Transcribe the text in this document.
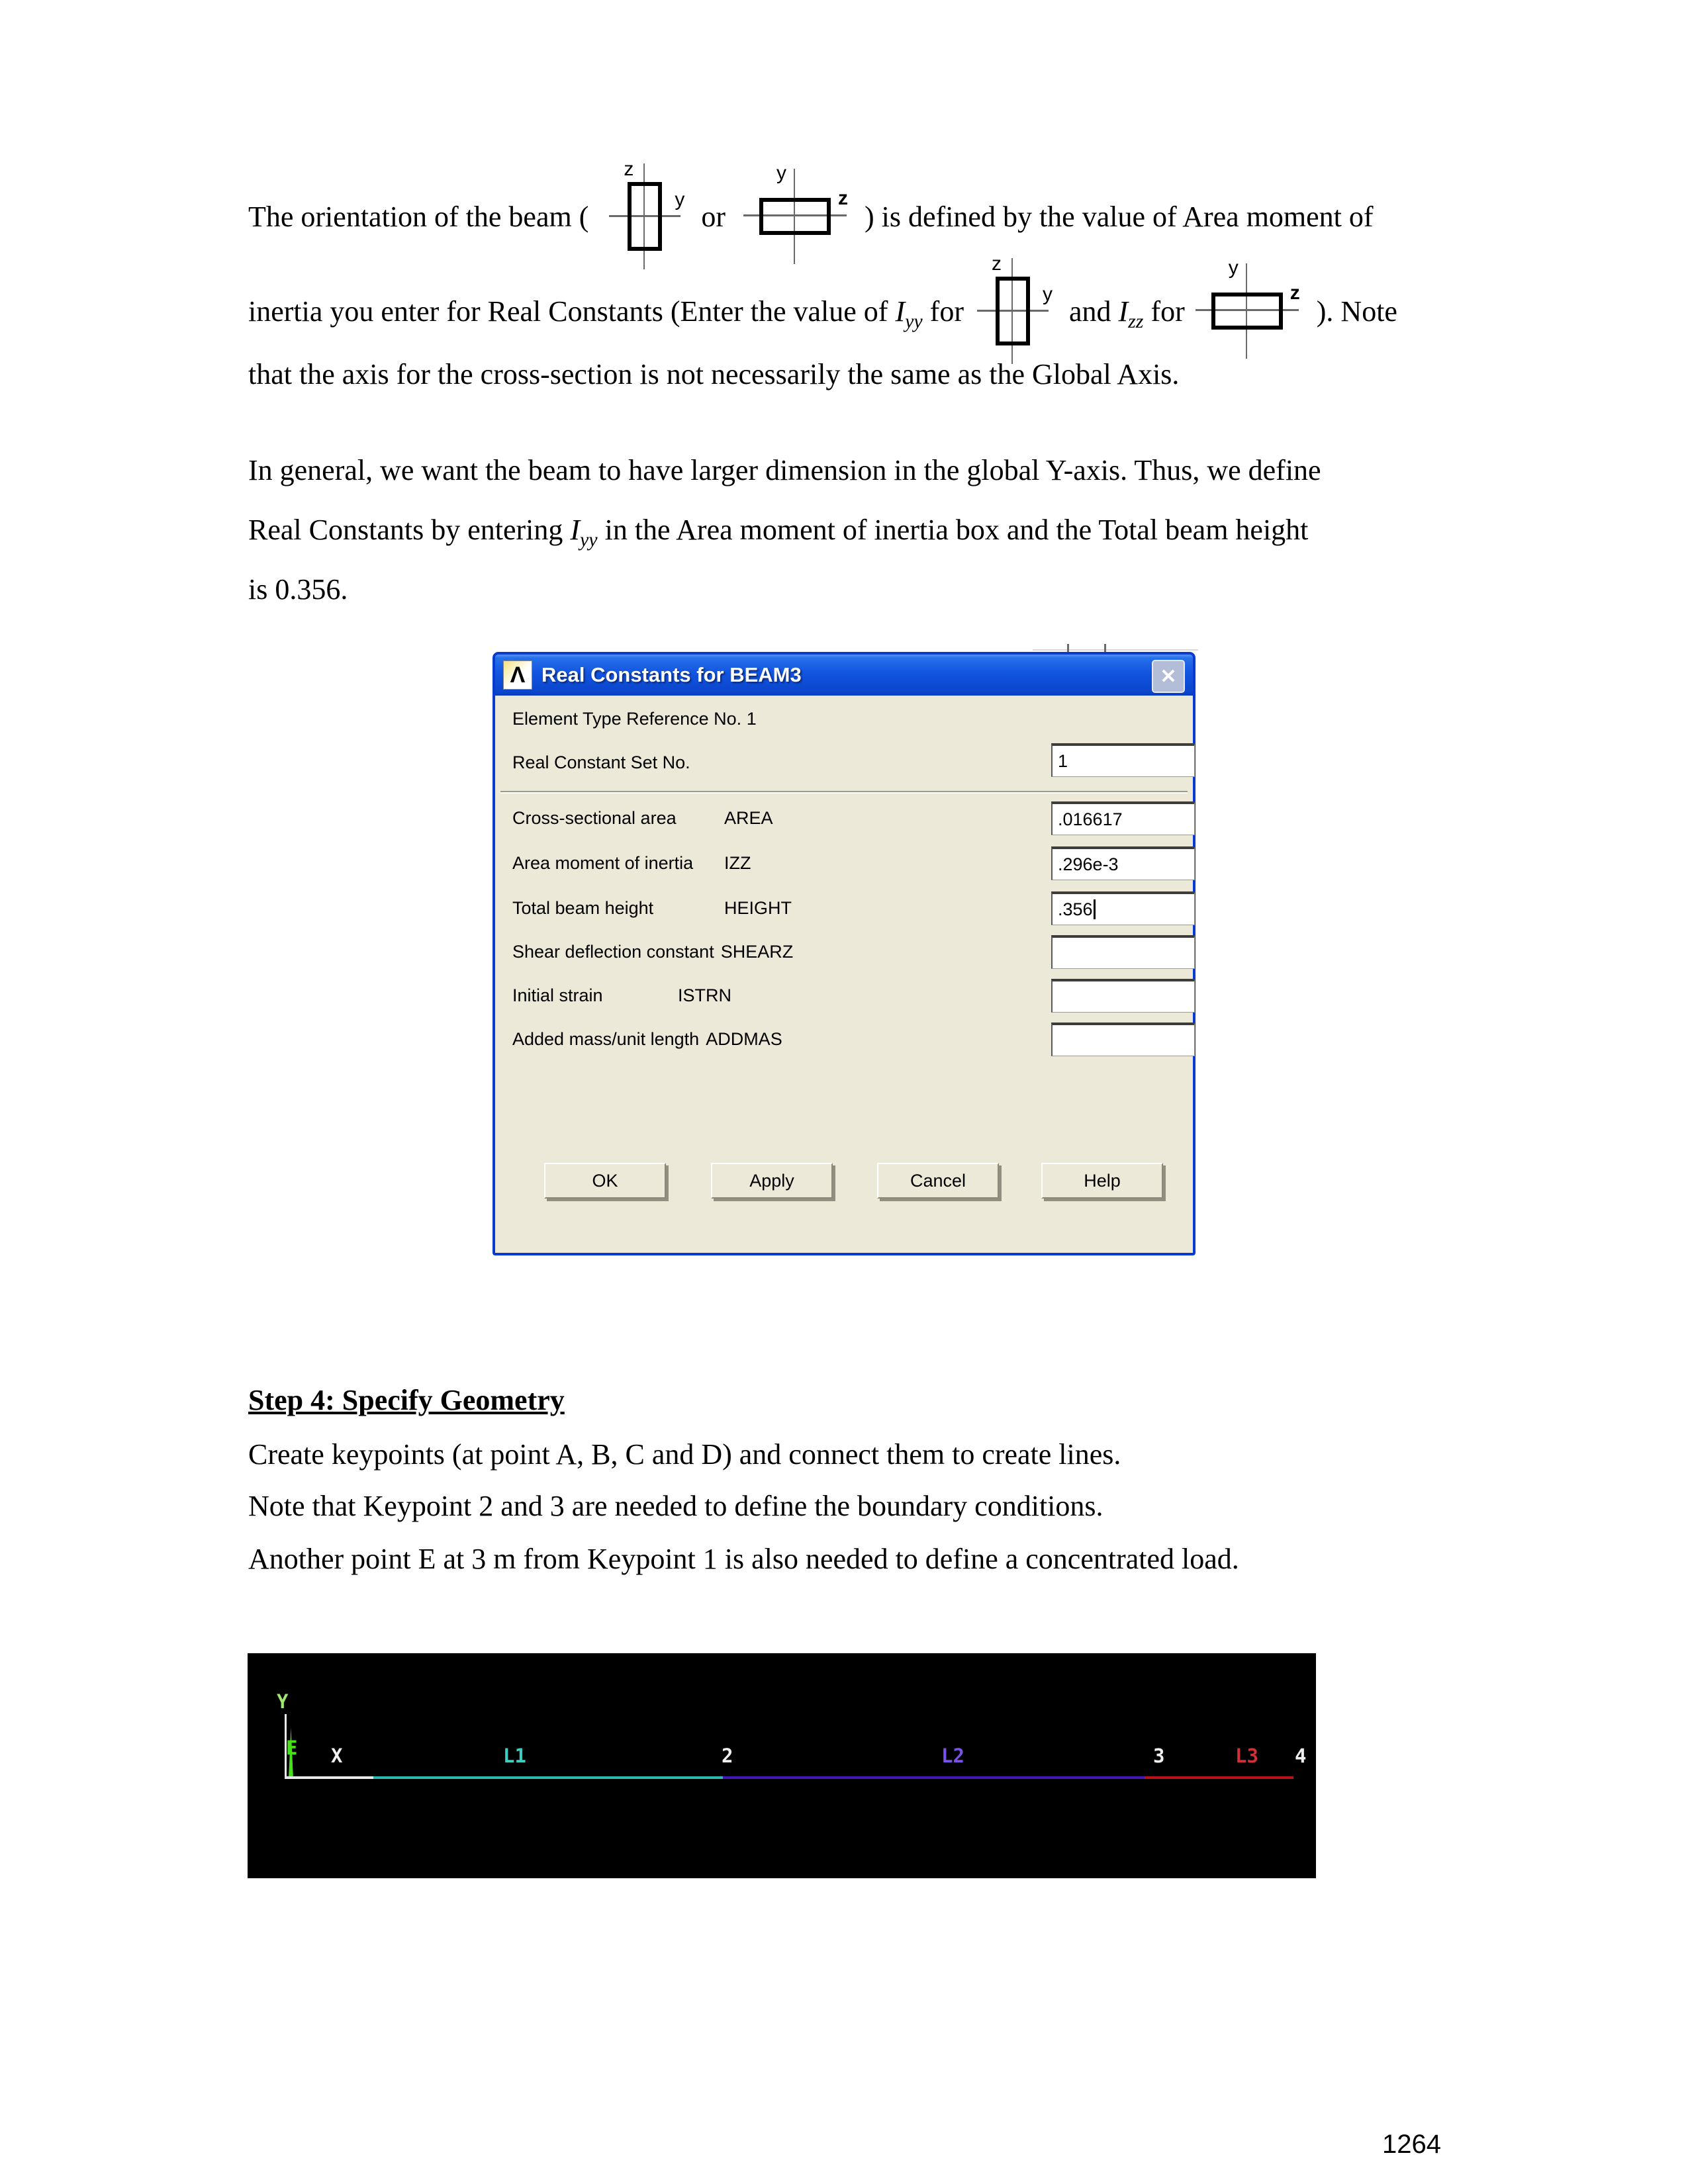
The orientation of the beam (

z

y

or

y

z

) is defined by the value of Area moment of
inertia you enter for Real Constants (Enter the value of $I_{yy}$ for

z

y

and $I_{zz}$ for

y

z

). Note
that the axis for the cross-section is not necessarily the same as the Global Axis.
In general, we want the beam to have larger dimension in the global Y-axis. Thus, we define
Real Constants by entering $I_{yy}$ in the Area moment of inertia box and the Total beam height
is 0.356.
Λ Real Constants for BEAM3	✕
Element Type Reference No. 1
Real Constant Set No.	1
Cross-sectional area	AREA	.016617
Area moment of inertia	IZZ	.296e-3
Total beam height	HEIGHT	.356
Shear deflection constant SHEARZ
Initial strain	ISTRN
Added mass/unit length ADDMAS
OK	Apply	Cancel	Help
Step 4: Specify Geometry
Create keypoints (at point A, B, C and D) and connect them to create lines.
Note that Keypoint 2 and 3 are needed to define the boundary conditions.
Another point E at 3 m from Keypoint 1 is also needed to define a concentrated load.
Y
E X	L1	2	L2	3	L3 4
1264
